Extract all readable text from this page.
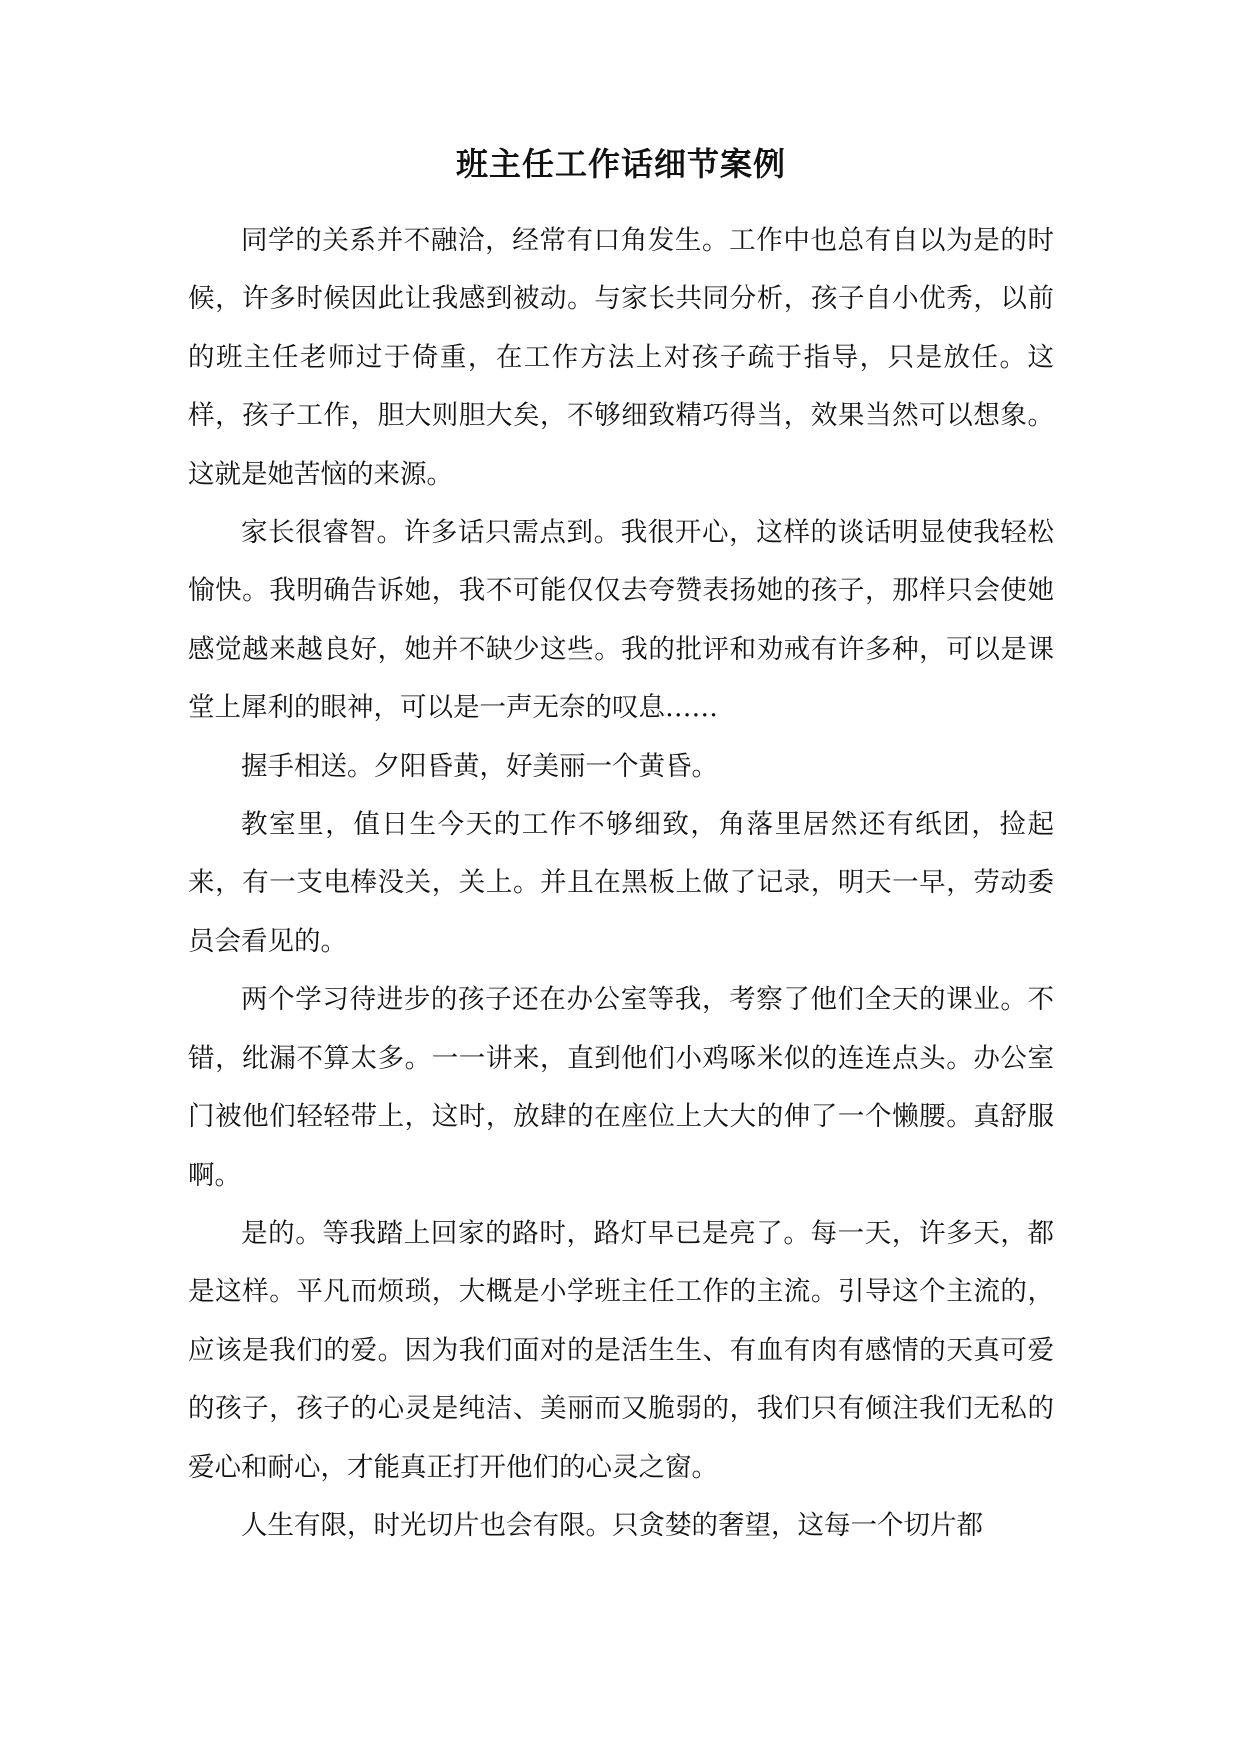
班主任工作话细节案例

同学的关系并不融洽，经常有口角发生。工作中也总有自以为是的时候，许多时候因此让我感到被动。与家长共同分析，孩子自小优秀，以前的班主任老师过于倚重，在工作方法上对孩子疏于指导，只是放任。这样，孩子工作，胆大则胆大矣，不够细致精巧得当，效果当然可以想象。这就是她苦恼的来源。

家长很睿智。许多话只需点到。我很开心，这样的谈话明显使我轻松愉快。我明确告诉她，我不可能仅仅去夸赞表扬她的孩子，那样只会使她感觉越来越良好，她并不缺少这些。我的批评和劝戒有许多种，可以是课堂上犀利的眼神，可以是一声无奈的叹息……

握手相送。夕阳昏黄，好美丽一个黄昏。

教室里，值日生今天的工作不够细致，角落里居然还有纸团，捡起来，有一支电棒没关，关上。并且在黑板上做了记录，明天一早，劳动委员会看见的。

两个学习待进步的孩子还在办公室等我，考察了他们全天的课业。不错，纰漏不算太多。一一讲来，直到他们小鸡啄米似的连连点头。办公室门被他们轻轻带上，这时，放肆的在座位上大大的伸了一个懒腰。真舒服啊。

是的。等我踏上回家的路时，路灯早已是亮了。每一天，许多天，都是这样。平凡而烦琐，大概是小学班主任工作的主流。引导这个主流的，应该是我们的爱。因为我们面对的是活生生、有血有肉有感情的天真可爱的孩子，孩子的心灵是纯洁、美丽而又脆弱的，我们只有倾注我们无私的爱心和耐心，才能真正打开他们的心灵之窗。

人生有限，时光切片也会有限。只贪婪的奢望，这每一个切片都
